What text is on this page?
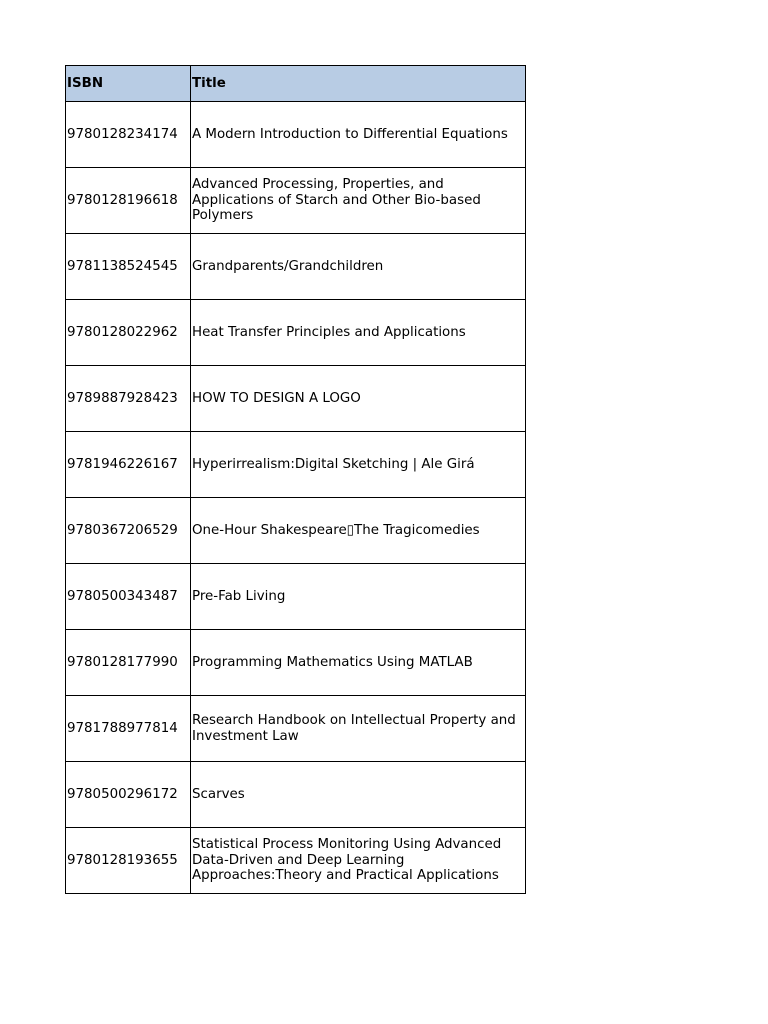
ISBN	Title
9780128234174	A Modern Introduction to Differential Equations
9780128196618	Advanced Processing, Properties, and Applications of Starch and Other Bio-based Polymers
9781138524545	Grandparents/Grandchildren
9780128022962	Heat Transfer Principles and Applications
9789887928423	HOW TO DESIGN A LOGO
9781946226167	Hyperirrealism:Digital Sketching | Ale Girá
9780367206529	One-Hour Shakespeare▯The Tragicomedies
9780500343487	Pre-Fab Living
9780128177990	Programming Mathematics Using MATLAB
9781788977814	Research Handbook on Intellectual Property and Investment Law
9780500296172	Scarves
9780128193655	Statistical Process Monitoring Using Advanced Data-Driven and Deep Learning Approaches:Theory and Practical Applications
